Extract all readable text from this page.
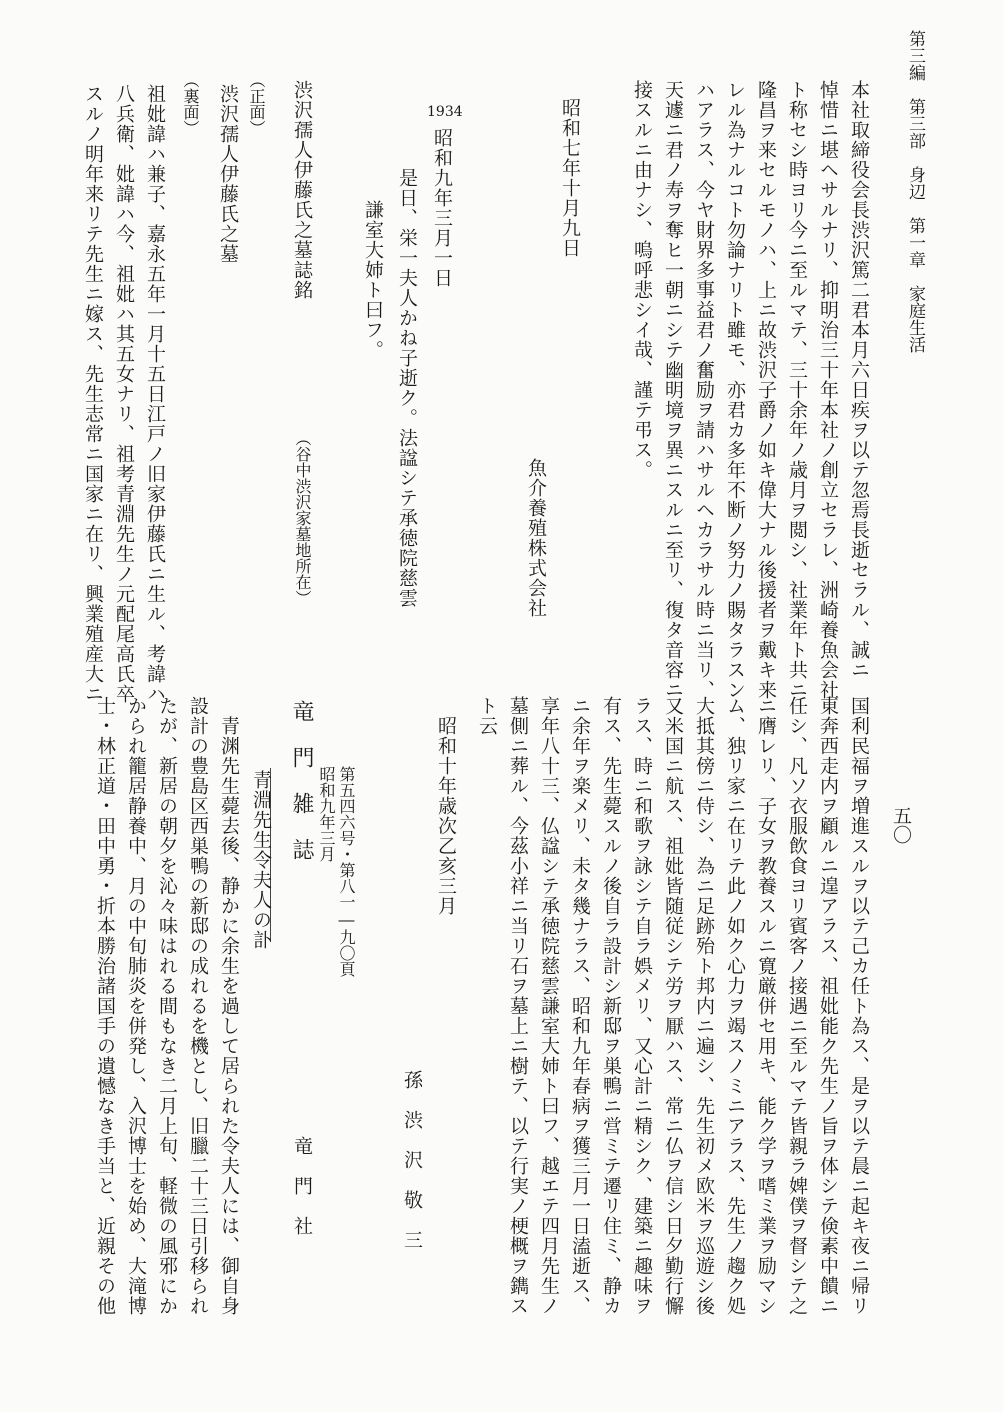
第三編　第三部　身辺　第一章　家庭生活
五〇
本社取締役会長渋沢篤二君本月六日疾ヲ以テ忽焉長逝セラル、誠ニ
悼惜ニ堪ヘサルナリ、抑明治三十年本社ノ創立セラレ、洲崎養魚会社
ト称セシ時ヨリ今ニ至ルマテ、三十余年ノ歳月ヲ閲シ、社業年ト共ニ
隆昌ヲ来セルモノハ、上ニ故渋沢子爵ノ如キ偉大ナル後援者ヲ戴キ来
レル為ナルコト勿論ナリト雖モ、亦君カ多年不断ノ努力ノ賜タラスン
ハアラス、今ヤ財界多事益君ノ奮励ヲ請ハサルヘカラサル時ニ当リ、
天遽ニ君ノ寿ヲ奪ヒ一朝ニシテ幽明境ヲ異ニスルニ至リ、復タ音容ニ
接スルニ由ナシ、嗚呼悲シイ哉、謹テ弔ス。
昭和七年十月九日
魚介養殖株式会社
1934
昭和九年三月一日
是日、栄一夫人かね子逝ク。法諡シテ承徳院慈雲
謙室大姉ト曰フ。
渋沢孺人伊藤氏之墓誌銘
（谷中渋沢家墓地所在）
（正面）
渋沢孺人伊藤氏之墓
（裏面）
祖妣諱ハ兼子、嘉永五年一月十五日江戸ノ旧家伊藤氏ニ生ル、考諱ハ
八兵衛、妣諱ハ今、祖妣ハ其五女ナリ、祖考青淵先生ノ元配尾高氏卒
スルノ明年来リテ先生ニ嫁ス、先生志常ニ国家ニ在リ、興業殖産大ニ
国利民福ヲ増進スルヲ以テ己カ任ト為ス、是ヲ以テ晨ニ起キ夜ニ帰リ
東奔西走内ヲ顧ルニ遑アラス、祖妣能ク先生ノ旨ヲ体シテ倹素中饋ニ
任シ、凡ソ衣服飲食ヨリ賓客ノ接遇ニ至ルマテ皆親ラ婢僕ヲ督シテ之
ニ膺レリ、子女ヲ教養スルニ寛厳併セ用キ、能ク学ヲ嗜ミ業ヲ励マシ
ム、独リ家ニ在リテ此ノ如ク心力ヲ竭スノミニアラス、先生ノ趨ク処
大抵其傍ニ侍シ、為ニ足跡殆ト邦内ニ遍シ、先生初メ欧米ヲ巡遊シ後
又米国ニ航ス、祖妣皆随従シテ労ヲ厭ハス、常ニ仏ヲ信シ日夕勤行懈
ラス、時ニ和歌ヲ詠シテ自ラ娯メリ、又心計ニ精シク、建築ニ趣味ヲ
有ス、先生薨スルノ後自ラ設計シ新邸ヲ巣鴨ニ営ミテ遷リ住ミ、静カ
ニ余年ヲ楽メリ、未タ幾ナラス、昭和九年春病ヲ獲三月一日溘逝ス、
享年八十三、仏諡シテ承徳院慈雲謙室大姉ト曰フ、越エテ四月先生ノ
墓側ニ葬ル、今茲小祥ニ当リ石ヲ墓上ニ樹テ、以テ行実ノ梗概ヲ鐫ス
ト云
昭和十年歳次乙亥三月
孫　渋　沢　敬　三
竜　門　雑　誌 第五四六号・第八一―九〇頁
昭和九年三月
竜　門　社
青淵先生令夫人の訃
青渊先生薨去後、静かに余生を過して居られた令夫人には、御自身
設計の豊島区西巣鴨の新邸の成れるを機とし、旧臘二十三日引移られ
たが、新居の朝夕を沁々味はれる間もなき二月上旬、軽微の風邪にか
かられ籠居静養中、月の中旬肺炎を併発し、入沢博士を始め、大滝博
士・林正道・田中勇・折本勝治諸国手の遺憾なき手当と、近親その他
